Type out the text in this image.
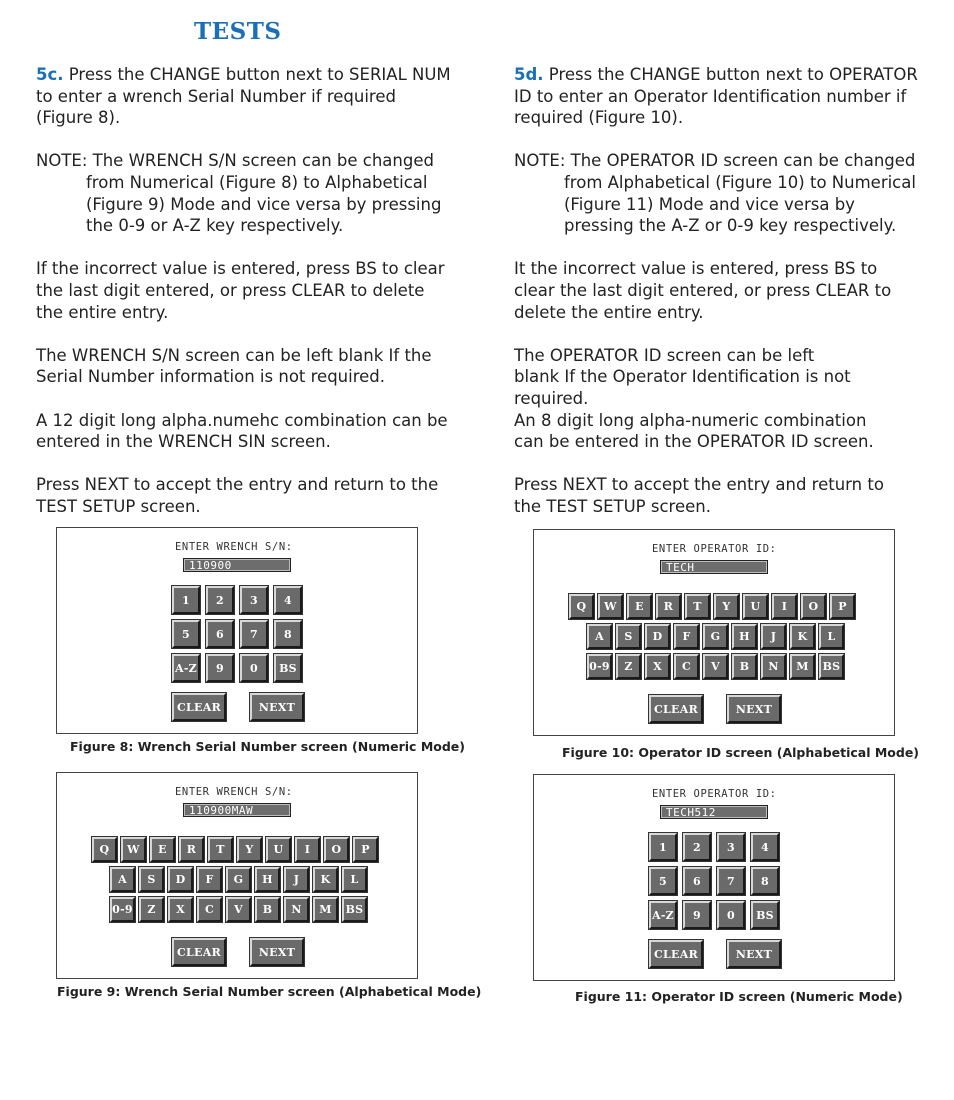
TESTS

5c. Press the CHANGE button next to SERIAL NUM to enter a wrench Serial Number if required (Figure 8).

NOTE: The WRENCH S/N screen can be changed from Numerical (Figure 8) to Alphabetical (Figure 9) Mode and vice versa by pressing the 0-9 or A-Z key respectively.

If the incorrect value is entered, press BS to clear the last digit entered, or press CLEAR to delete the entire entry.

The WRENCH S/N screen can be left blank If the Serial Number information is not required.

A 12 digit long alpha.numehc combination can be entered in the WRENCH SIN screen.

Press NEXT to accept the entry and return to the TEST SETUP screen.

5d. Press the CHANGE button next to OPERATOR ID to enter an Operator Identification number if required (Figure 10).

NOTE: The OPERATOR ID screen can be changed from Alphabetical (Figure 10) to Numerical (Figure 11) Mode and vice versa by pressing the A-Z or 0-9 key respectively.

It the incorrect value is entered, press BS to clear the last digit entered, or press CLEAR to delete the entire entry.

The OPERATOR ID screen can be left blank If the Operator Identification is not required.

An 8 digit long alpha-numeric combination can be entered in the OPERATOR ID screen.

Press NEXT to accept the entry and return to the TEST SETUP screen.

ENTER WRENCH S/N:
110900
1	2	3	4
5	6	7	8
A-Z	9	0	BS
CLEAR	NEXT
Figure 8: Wrench Serial Number screen (Numeric Mode)
ENTER WRENCH S/N:
110900MAW
Q	W	E	R	T	Y	U	I	O	P
A	S	D	F	G	H	J	K	L
0-9	Z	X	C	V	B	N	M	BS
CLEAR	NEXT
Figure 9: Wrench Serial Number screen (Alphabetical Mode)
ENTER OPERATOR ID:
TECH
Q	W	E	R	T	Y	U	I	O	P
A	S	D	F	G	H	J	K	L
0-9	Z	X	C	V	B	N	M	BS
CLEAR	NEXT
Figure 10: Operator ID screen (Alphabetical Mode)
ENTER OPERATOR ID:
TECH512
1	2	3	4
5	6	7	8
A-Z	9	0	BS
CLEAR	NEXT
Figure 11: Operator ID screen (Numeric Mode)
